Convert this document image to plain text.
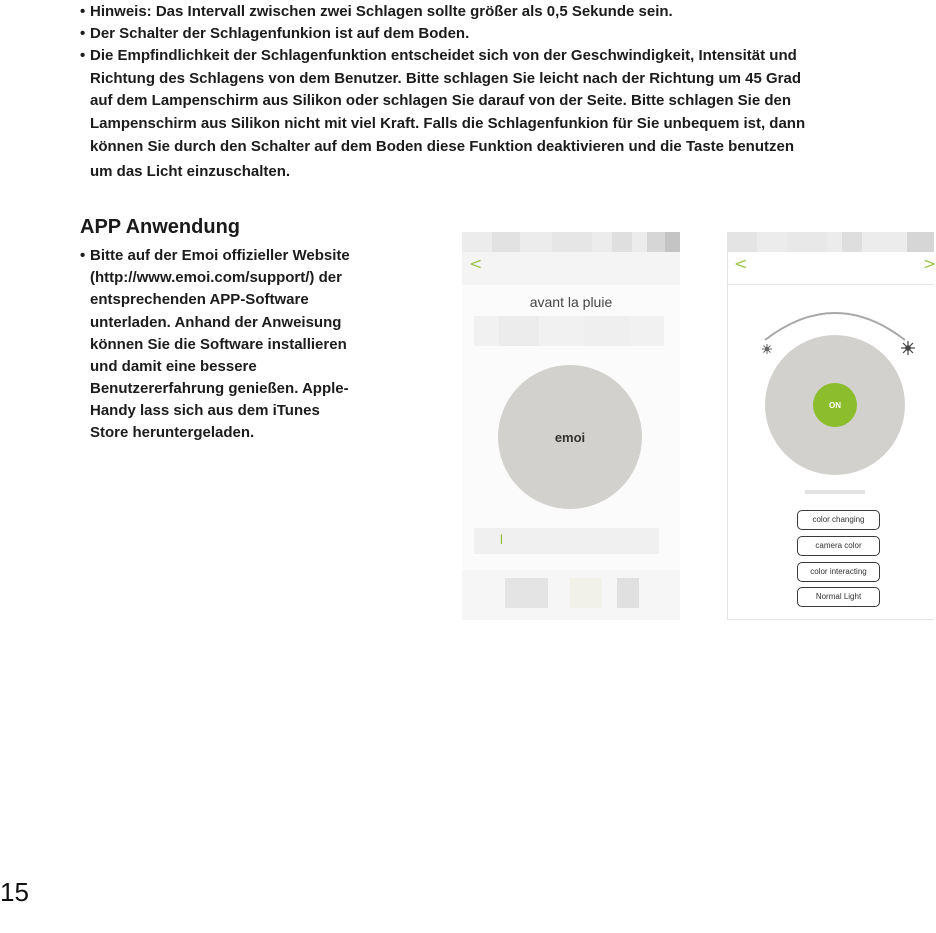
• Hinweis: Das Intervall zwischen zwei Schlagen sollte größer als 0,5 Sekunde sein.
• Der Schalter der Schlagenfunkion ist auf dem Boden.
• Die Empfindlichkeit der Schlagenfunktion entscheidet sich von der Geschwindigkeit, Intensität und
Richtung des Schlagens von dem Benutzer. Bitte schlagen Sie leicht nach der Richtung um 45 Grad
auf dem Lampenschirm aus Silikon oder schlagen Sie darauf von der Seite. Bitte schlagen Sie den
Lampenschirm aus Silikon nicht mit viel Kraft. Falls die Schlagenfunkion für Sie unbequem ist, dann
können Sie durch den Schalter auf dem Boden diese Funktion deaktivieren und die Taste benutzen
um das Licht einzuschalten.
APP Anwendung
• Bitte auf der Emoi offizieller Website
(http://www.emoi.com/support/) der
entsprechenden APP-Software
unterladen. Anhand der Anweisung
können Sie die Software installieren
und damit eine bessere
Benutzererfahrung genießen. Apple-
Handy lass sich aus dem iTunes
Store heruntergeladen.
<
avant la pluie
emoi
l
<	>
ON
color changing
camera color
color interacting
Normal Light
15
